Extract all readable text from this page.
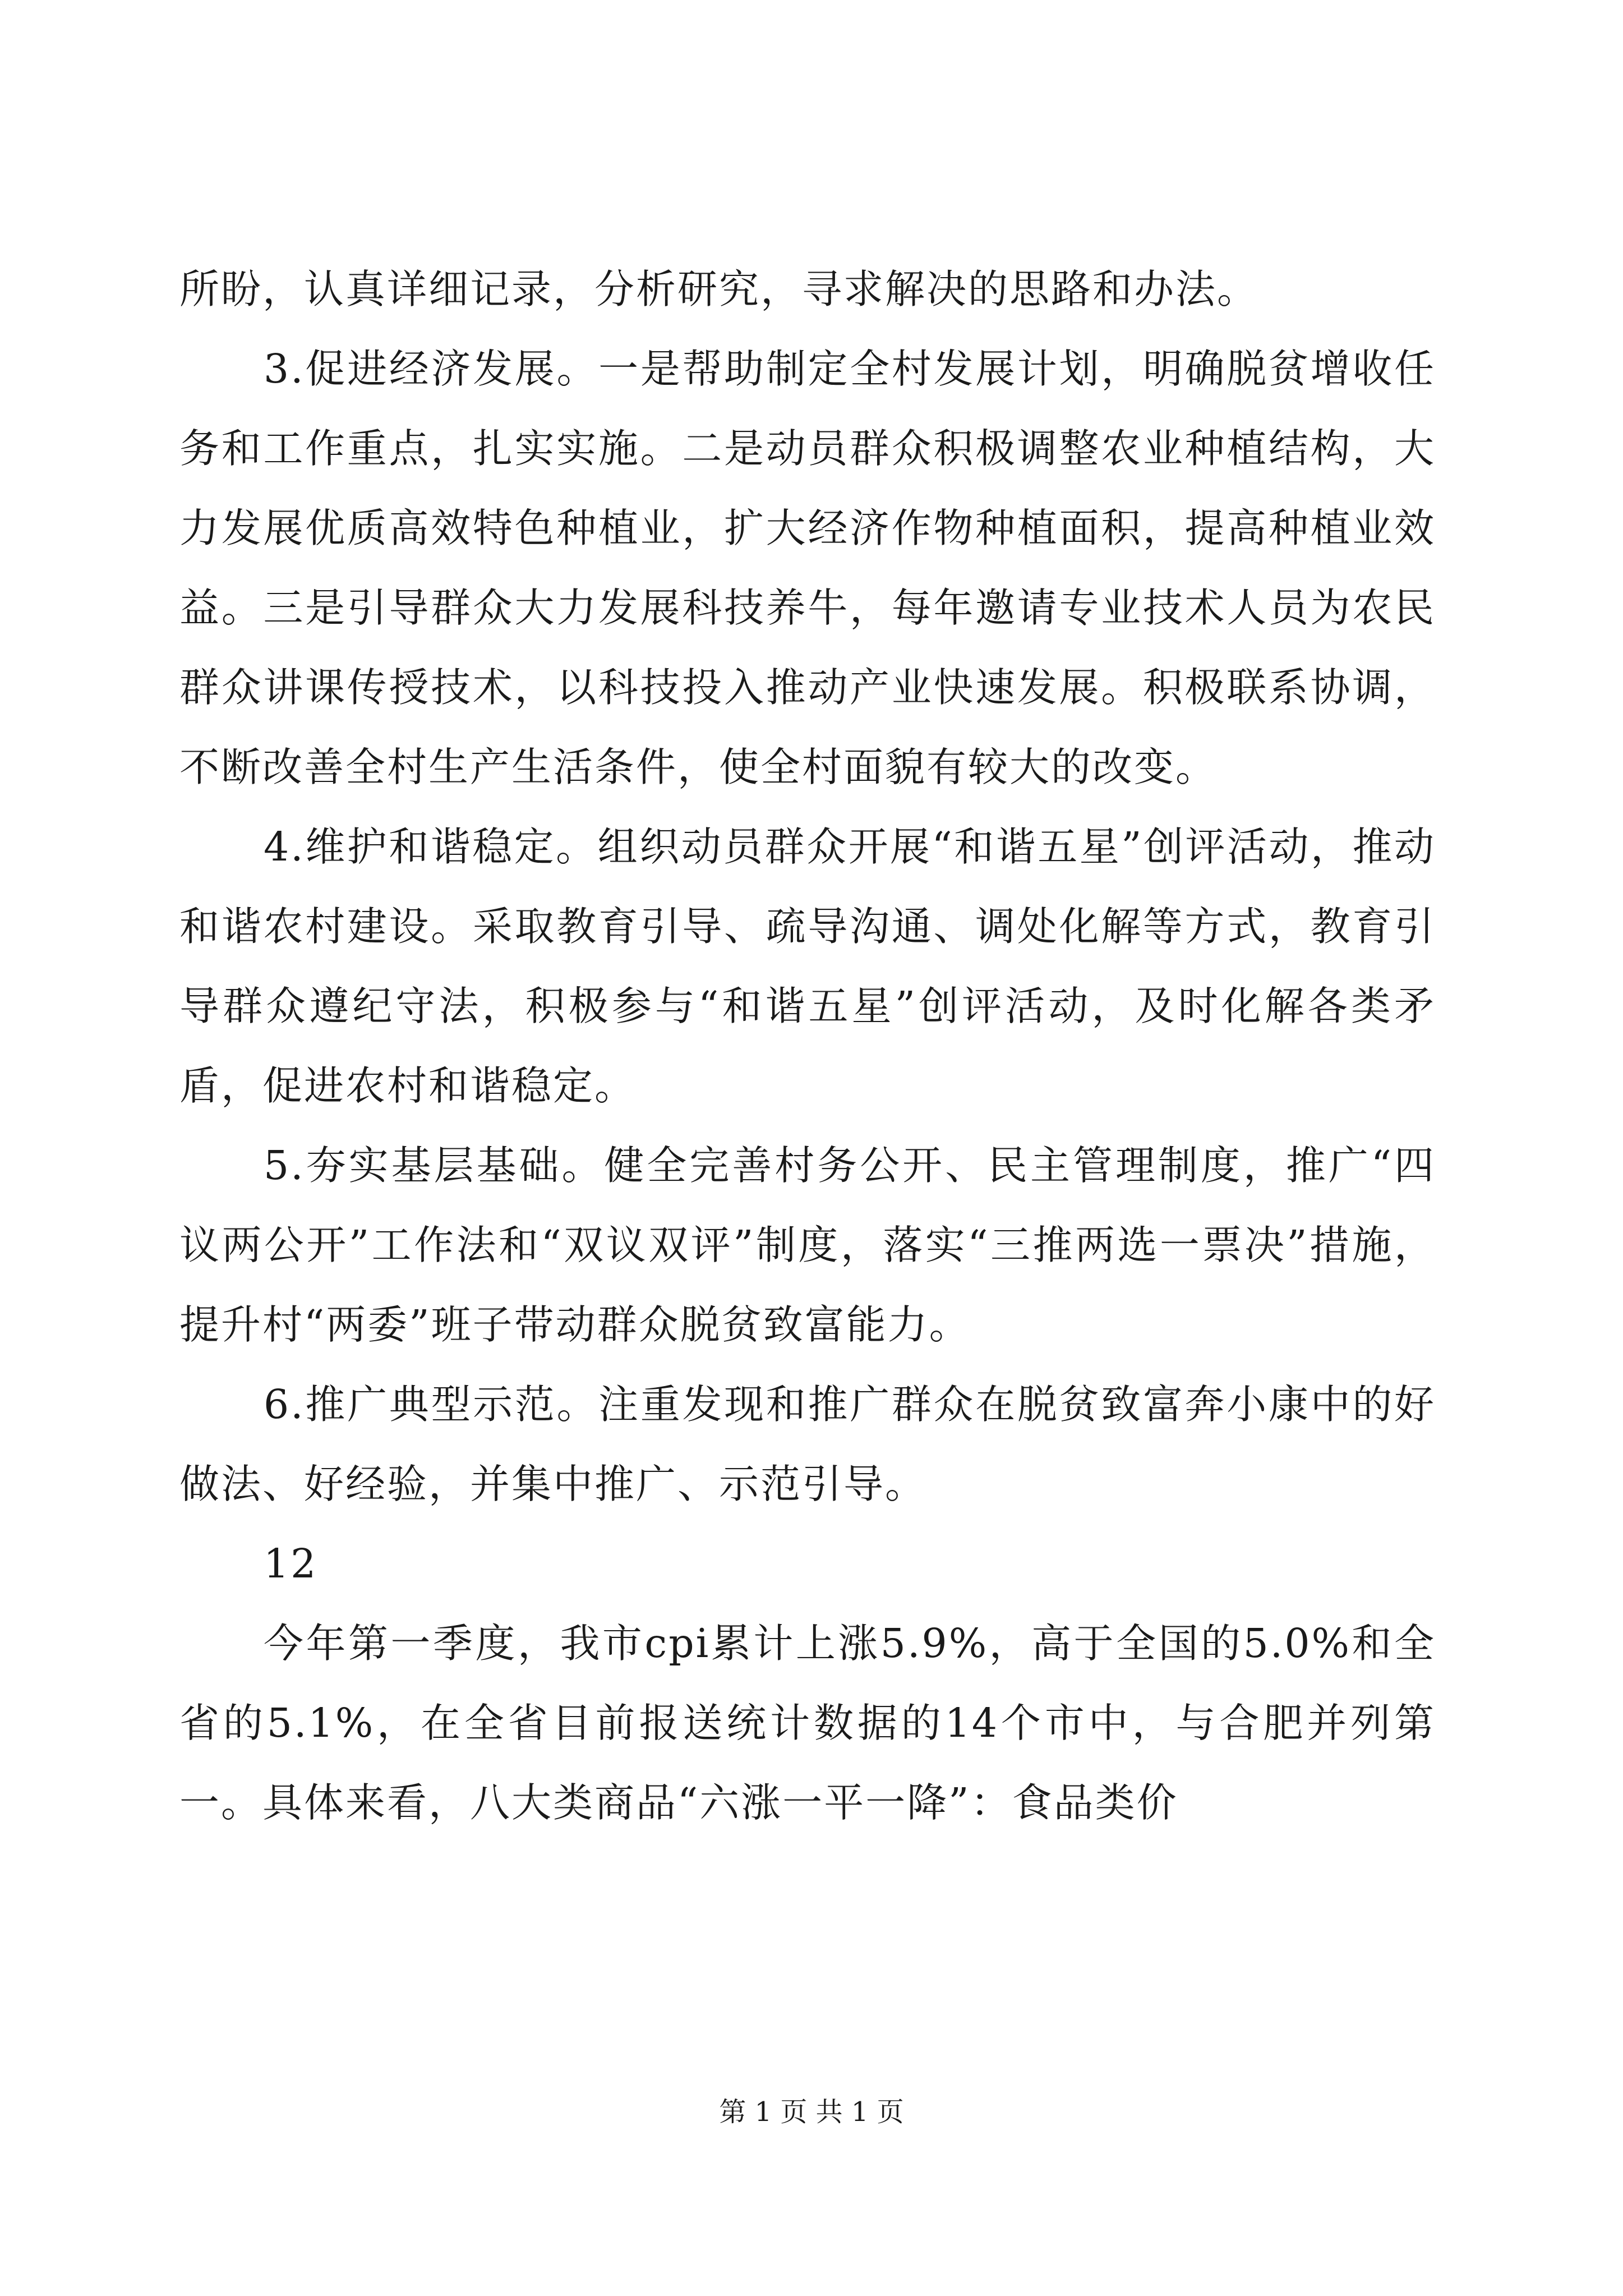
所盼，认真详细记录，分析研究，寻求解决的思路和办法。

3.促进经济发展。一是帮助制定全村发展计划，明确脱贫增收任务和工作重点，扎实实施。二是动员群众积极调整农业种植结构，大力发展优质高效特色种植业，扩大经济作物种植面积，提高种植业效益。三是引导群众大力发展科技养牛，每年邀请专业技术人员为农民群众讲课传授技术，以科技投入推动产业快速发展。积极联系协调，不断改善全村生产生活条件，使全村面貌有较大的改变。

4.维护和谐稳定。组织动员群众开展“和谐五星”创评活动，推动和谐农村建设。采取教育引导、疏导沟通、调处化解等方式，教育引导群众遵纪守法，积极参与“和谐五星”创评活动，及时化解各类矛盾，促进农村和谐稳定。

5.夯实基层基础。健全完善村务公开、民主管理制度，推广“四议两公开”工作法和“双议双评”制度，落实“三推两选一票决”措施，提升村“两委”班子带动群众脱贫致富能力。

6.推广典型示范。注重发现和推广群众在脱贫致富奔小康中的好做法、好经验，并集中推广、示范引导。

12

今年第一季度，我市cpi累计上涨5.9%，高于全国的5.0%和全省的5.1%，在全省目前报送统计数据的14个市中，与合肥并列第一。具体来看，八大类商品“六涨一平一降”：食品类价

第 1 页 共 1 页
